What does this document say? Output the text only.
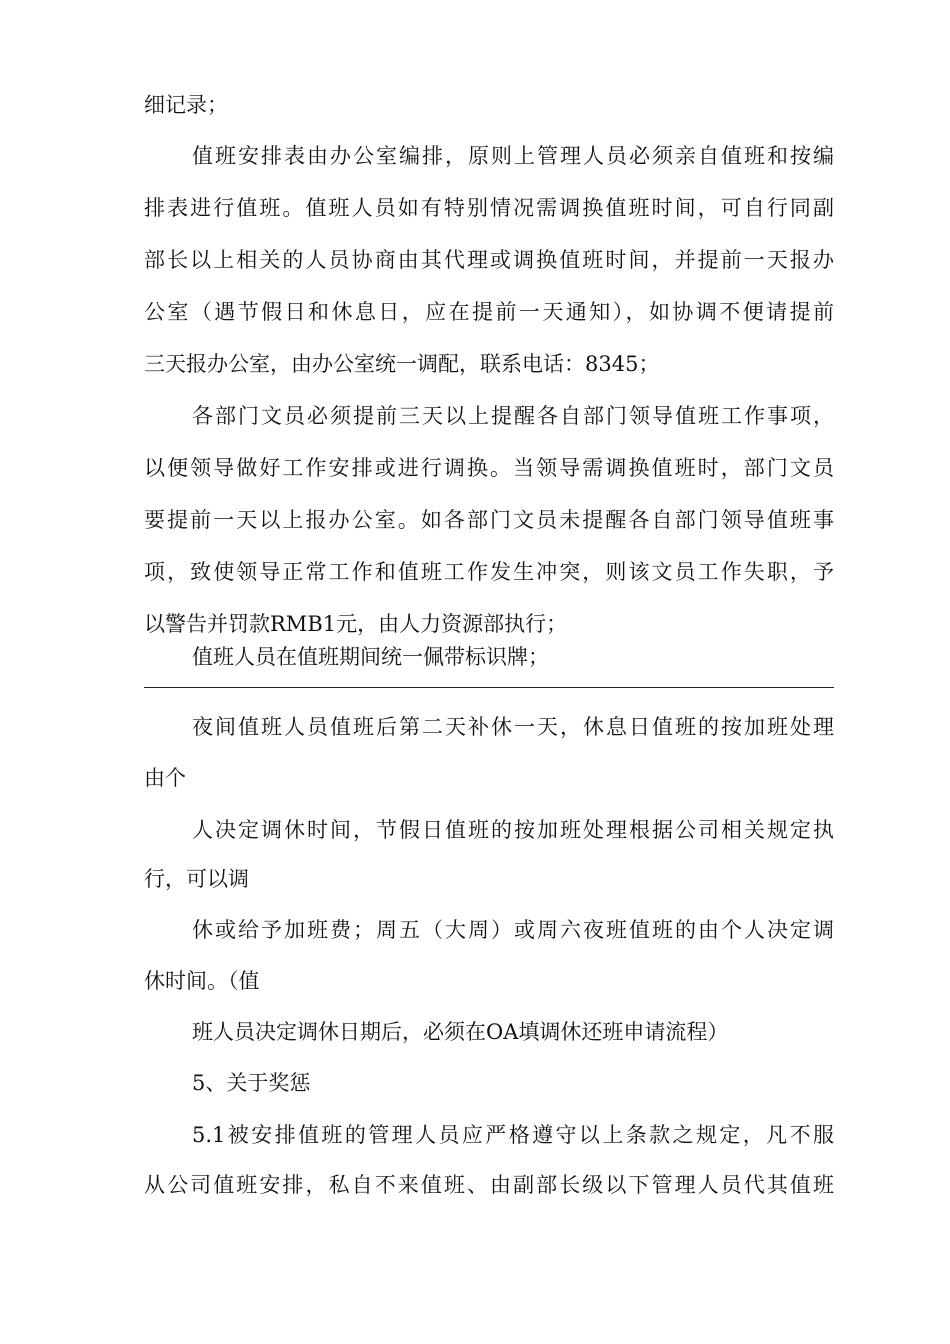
细记录；
值班安排表由办公室编排，原则上管理人员必须亲自值班和按编
排表进行值班。值班人员如有特别情况需调换值班时间，可自行同副
部长以上相关的人员协商由其代理或调换值班时间，并提前一天报办
公室（遇节假日和休息日，应在提前一天通知），如协调不便请提前
三天报办公室，由办公室统一调配，联系电话：8345；
各部门文员必须提前三天以上提醒各自部门领导值班工作事项，
以便领导做好工作安排或进行调换。当领导需调换值班时，部门文员
要提前一天以上报办公室。如各部门文员未提醒各自部门领导值班事
项，致使领导正常工作和值班工作发生冲突，则该文员工作失职，予
以警告并罚款RMB1元，由人力资源部执行；
值班人员在值班期间统一佩带标识牌；
夜间值班人员值班后第二天补休一天，休息日值班的按加班处理
由个
人决定调休时间，节假日值班的按加班处理根据公司相关规定执
行，可以调
休或给予加班费；周五（大周）或周六夜班值班的由个人决定调
休时间。（值
班人员决定调休日期后，必须在OA填调休还班申请流程）
5、关于奖惩
5.1被安排值班的管理人员应严格遵守以上条款之规定，凡不服
从公司值班安排，私自不来值班、由副部长级以下管理人员代其值班
